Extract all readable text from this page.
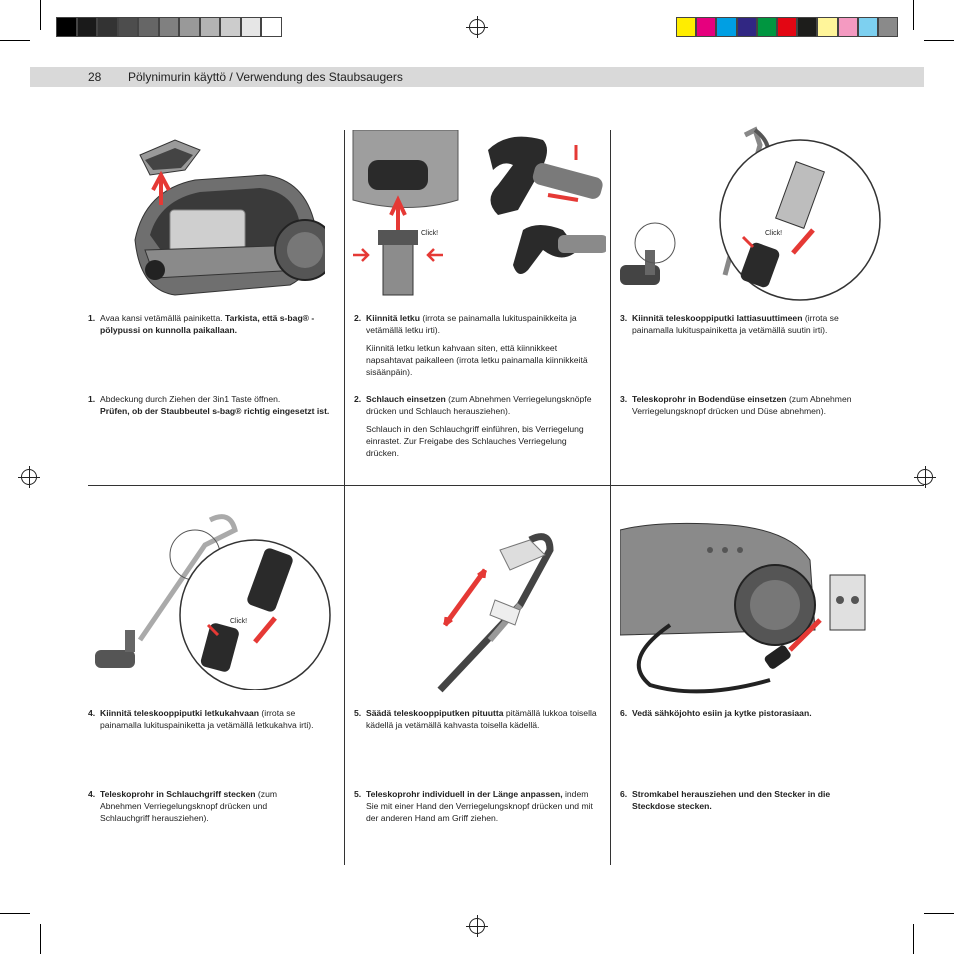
28 Pölynimurin käyttö / Verwendung des Staubsaugers
Click!	Click!
Click!
1. Avaa kansi vetämällä painiketta. Tarkista, että s-bag® -pölypussi on kunnolla paikallaan.
1. Abdeckung durch Ziehen der 3in1 Taste öffnen.
Prüfen, ob der Staubbeutel s-bag® richtig eingesetzt ist.
2. Kiinnitä letku (irrota se painamalla lukituspainikkeita ja vetämällä letku irti).

Kiinnitä letku letkun kahvaan siten, että kiinnikkeet napsahtavat paikalleen (irrota letku painamalla kiinnikkeitä sisäänpäin).

2. Schlauch einsetzen (zum Abnehmen Verriegelungsknöpfe drücken und Schlauch herausziehen).

Schlauch in den Schlauchgriff einführen, bis Verriegelung einrastet. Zur Freigabe des Schlauches Verriegelung drücken.

3. Kiinnitä teleskooppiputki lattiasuuttimeen (irrota se painamalla lukituspainiketta ja vetämällä suutin irti).
3. Teleskoprohr in Bodendüse einsetzen (zum Abnehmen Verriegelungsknopf drücken und Düse abnehmen).
4. Kiinnitä teleskooppiputki letkukahvaan (irrota se painamalla lukituspainiketta ja vetämällä letkukahva irti).
4. Teleskoprohr in Schlauchgriff stecken (zum Abnehmen Verriegelungsknopf drücken und Schlauchgriff herausziehen).
5. Säädä teleskooppiputken pituutta pitämällä lukkoa toisella kädellä ja vetämällä kahvasta toisella kädellä.
5. Teleskoprohr individuell in der Länge anpassen, indem Sie mit einer Hand den Verriegelungsknopf drücken und mit der anderen Hand am Griff ziehen.
6. Vedä sähköjohto esiin ja kytke pistorasiaan.
6. Stromkabel herausziehen und den Stecker in die Steckdose stecken.
